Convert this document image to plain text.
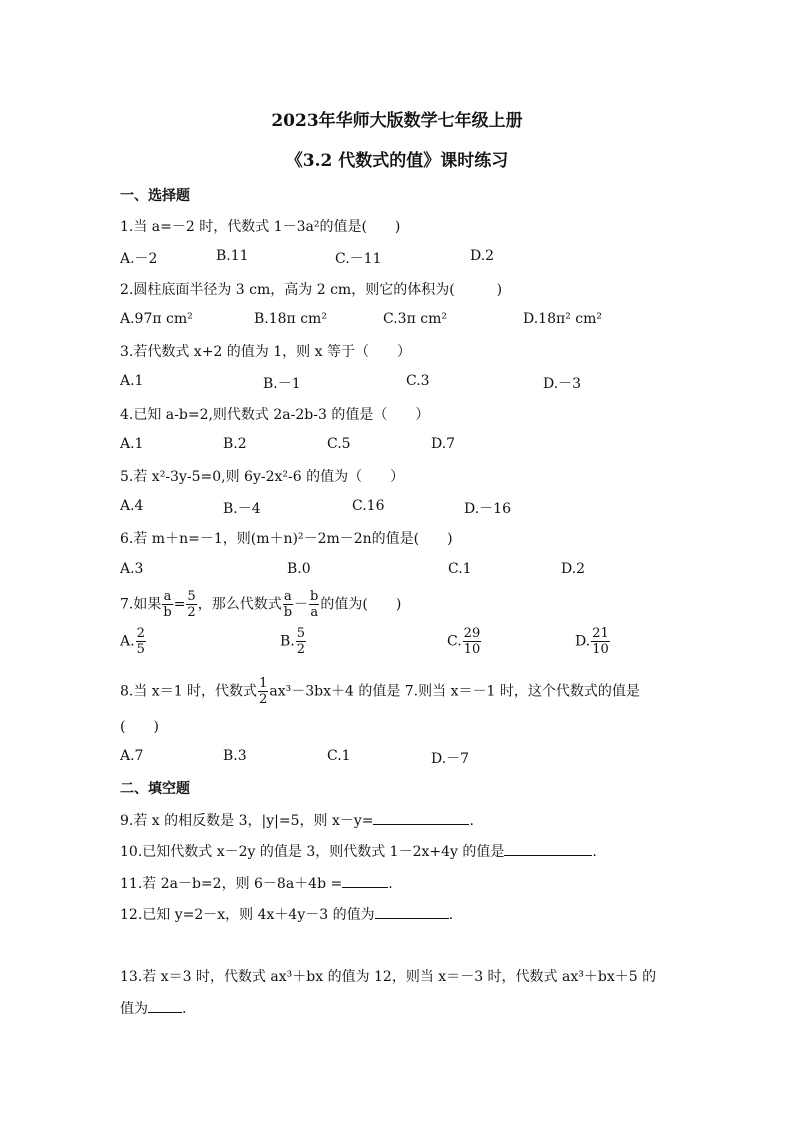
2023年华师大版数学七年级上册
《3.2 代数式的值》课时练习
一、选择题
1.当 a=－2 时，代数式 1－3a²的值是(　　)
A.－2	B.11	C.－11	D.2
2.圆柱底面半径为 3 cm，高为 2 cm，则它的体积为(　　　)
A.97π cm²	B.18π cm²	C.3π cm²	D.18π² cm²
3.若代数式 x+2 的值为 1，则 x 等于（　　）
A.1	B.－1	C.3	D.－3
4.已知 a-b=2,则代数式 2a-2b-3 的值是（　　）
A.1	B.2	C.5	D.7
5.若 x²-3y-5=0,则 6y-2x²-6 的值为（　　）
A.4	B.－4	C.16	D.－16
6.若 m＋n=－1，则(m＋n)²－2m－2n的值是(　　)
A.3	B.0	C.1	D.2
7.如果 $\frac{a}{b} = \frac{5}{2}$ ，那么代数式 $\frac{a}{b} - \frac{b}{a}$ 的值为(　　)
A. $\frac{2}{5}$	B. $\frac{5}{2}$	C. $\frac{29}{10}$	D. $\frac{21}{10}$
8.当 x＝1 时，代数式 $\frac{1}{2} ax^3-3bx+4$ 的值是 7.则当 x＝－1 时，这个代数式的值是
(　　)
A.7	B.3	C.1	D.－7
二、填空题
9.若 x 的相反数是 3，|y|=5，则 x－y=	.
10.已知代数式 x－2y 的值是 3，则代数式 1－2x+4y 的值是	.
11.若 2a－b=2，则 6－8a＋4b =	.
12.已知 y=2－x，则 4x＋4y－3 的值为	.
13.若 x＝3 时，代数式 ax³＋bx 的值为 12，则当 x＝－3 时，代数式 ax³＋bx＋5 的
值为 .
